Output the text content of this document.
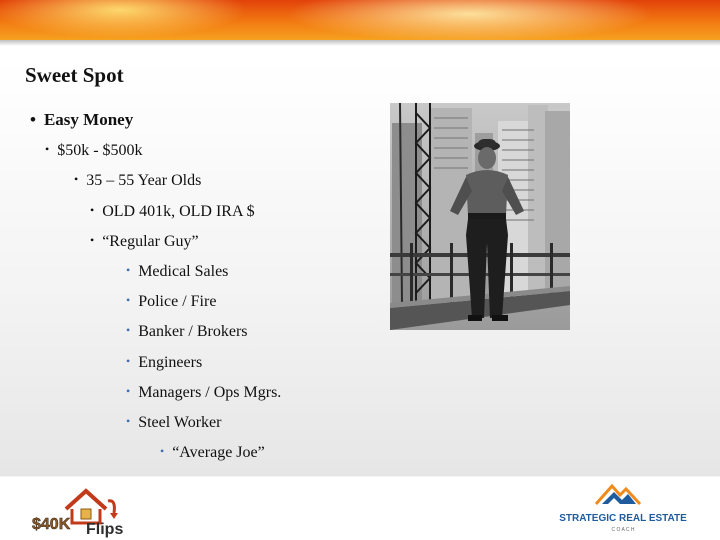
Sweet Spot
• Easy Money
• $50k - $500k
• 35 – 55 Year Olds
• OLD 401k, OLD IRA $
• “Regular Guy”
• Medical Sales
• Police / Fire
• Banker / Brokers
• Engineers
• Managers / Ops Mgrs.
• Steel Worker
• “Average Joe”
$40K Flips
STRATEGIC REAL ESTATE
C O A C H
